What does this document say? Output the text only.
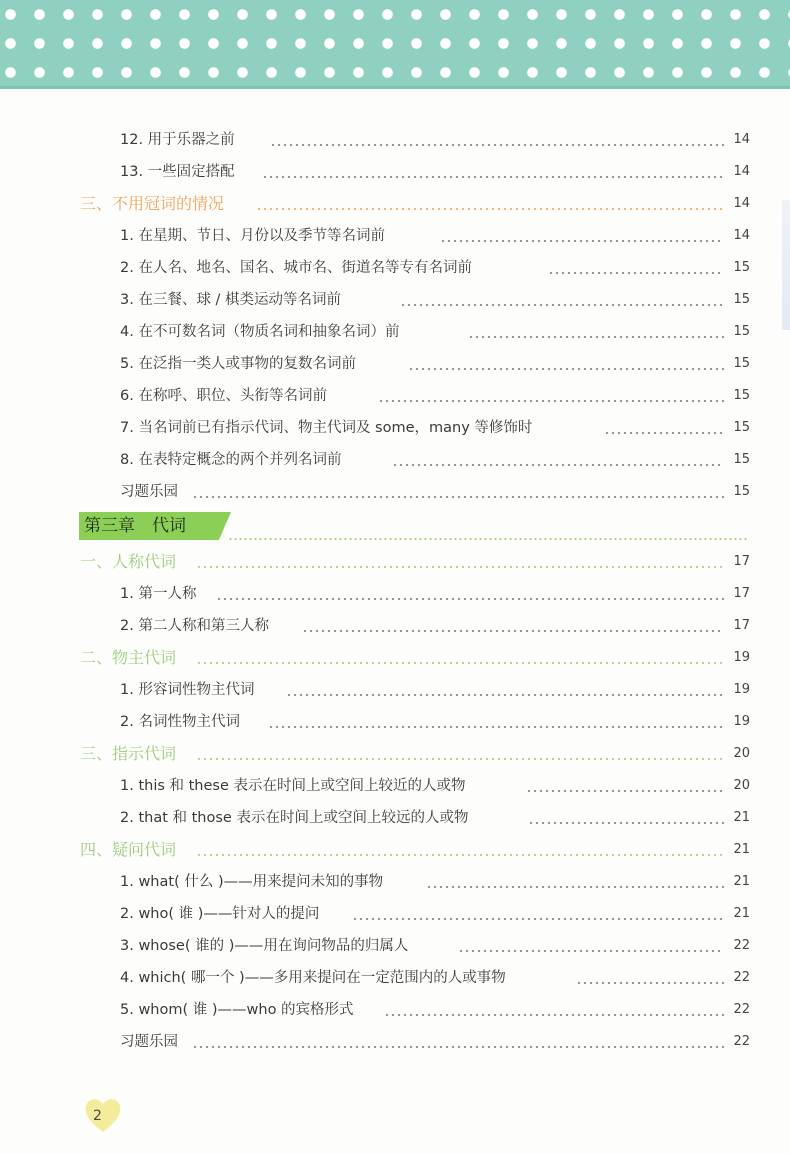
12. 用于乐器之前	14
13. 一些固定搭配	14
三、不用冠词的情况	14
1. 在星期、节日、月份以及季节等名词前	14
2. 在人名、地名、国名、城市名、街道名等专有名词前	15
3. 在三餐、球 / 棋类运动等名词前	15
4. 在不可数名词（物质名词和抽象名词）前	15
5. 在泛指一类人或事物的复数名词前	15
6. 在称呼、职位、头衔等名词前	15
7. 当名词前已有指示代词、物主代词及 some，many 等修饰时	15
8. 在表特定概念的两个并列名词前	15
习题乐园	15
一、人称代词	17
1. 第一人称	17
2. 第二人称和第三人称	17
二、物主代词	19
1. 形容词性物主代词	19
2. 名词性物主代词	19
三、指示代词	20
1. this 和 these 表示在时间上或空间上较近的人或物	20
2. that 和 those 表示在时间上或空间上较远的人或物	21
四、疑问代词	21
1. what( 什么 )——用来提问未知的事物	21
2. who( 谁 )——针对人的提问	21
3. whose( 谁的 )——用在询问物品的归属人	22
4. which( 哪一个 )——多用来提问在一定范围内的人或事物	22
5. whom( 谁 )——who 的宾格形式	22
习题乐园	22
第三章　代词
2
